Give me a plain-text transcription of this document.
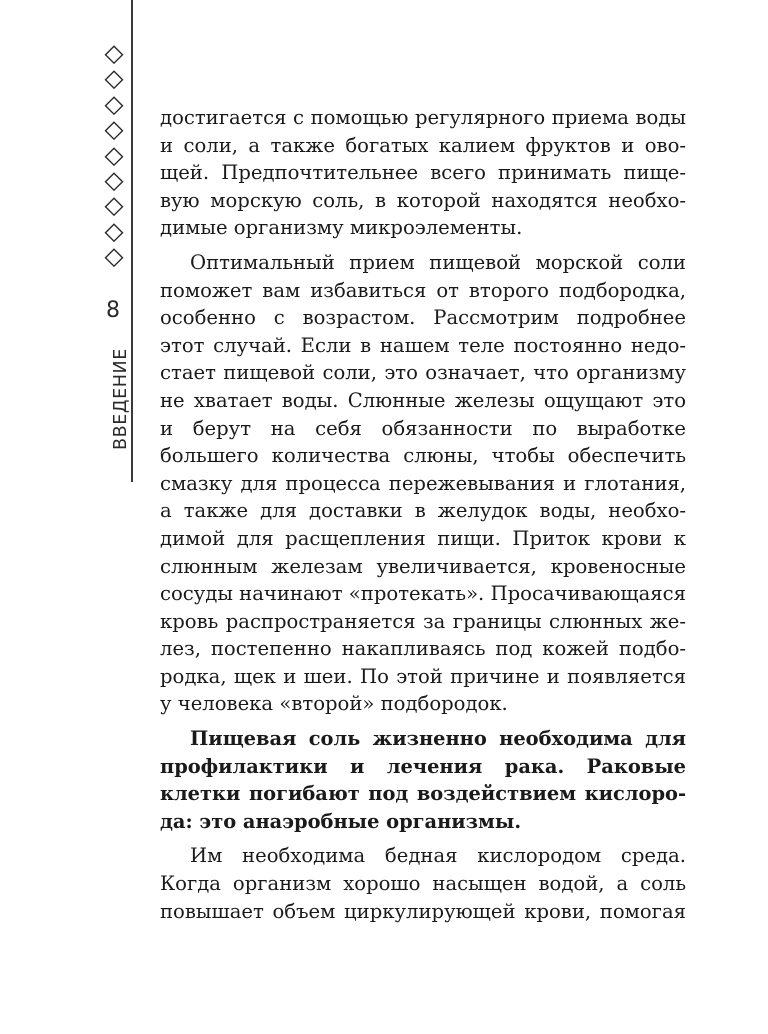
8
ВВЕДЕНИЕ

достигается с помощью регулярного приема воды и соли, а также богатых калием фруктов и овощей. Предпочтительнее всего принимать пищевую морскую соль, в которой находятся необходимые организму микроэлементы.

Оптимальный прием пищевой морской соли поможет вам избавиться от второго подбородка, особенно с возрастом. Рассмотрим подробнее этот случай. Если в нашем теле постоянно недостает пищевой соли, это означает, что организму не хватает воды. Слюнные железы ощущают это и берут на себя обязанности по выработке большего количества слюны, чтобы обеспечить смазку для процесса пережевывания и глотания, а также для доставки в желудок воды, необходимой для расщепления пищи. Приток крови к слюнным железам увеличивается, кровеносные сосуды начинают «протекать». Просачивающаяся кровь распространяется за границы слюнных желез, постепенно накапливаясь под кожей подбородка, щек и шеи. По этой причине и появляется у человека «второй» подбородок.

Пищевая соль жизненно необходима для профилактики и лечения рака. Раковые клетки погибают под воздействием кислорода: это анаэробные организмы.

Им необходима бедная кислородом среда. Когда организм хорошо насыщен водой, а соль повышает объем циркулирующей крови, помогая
